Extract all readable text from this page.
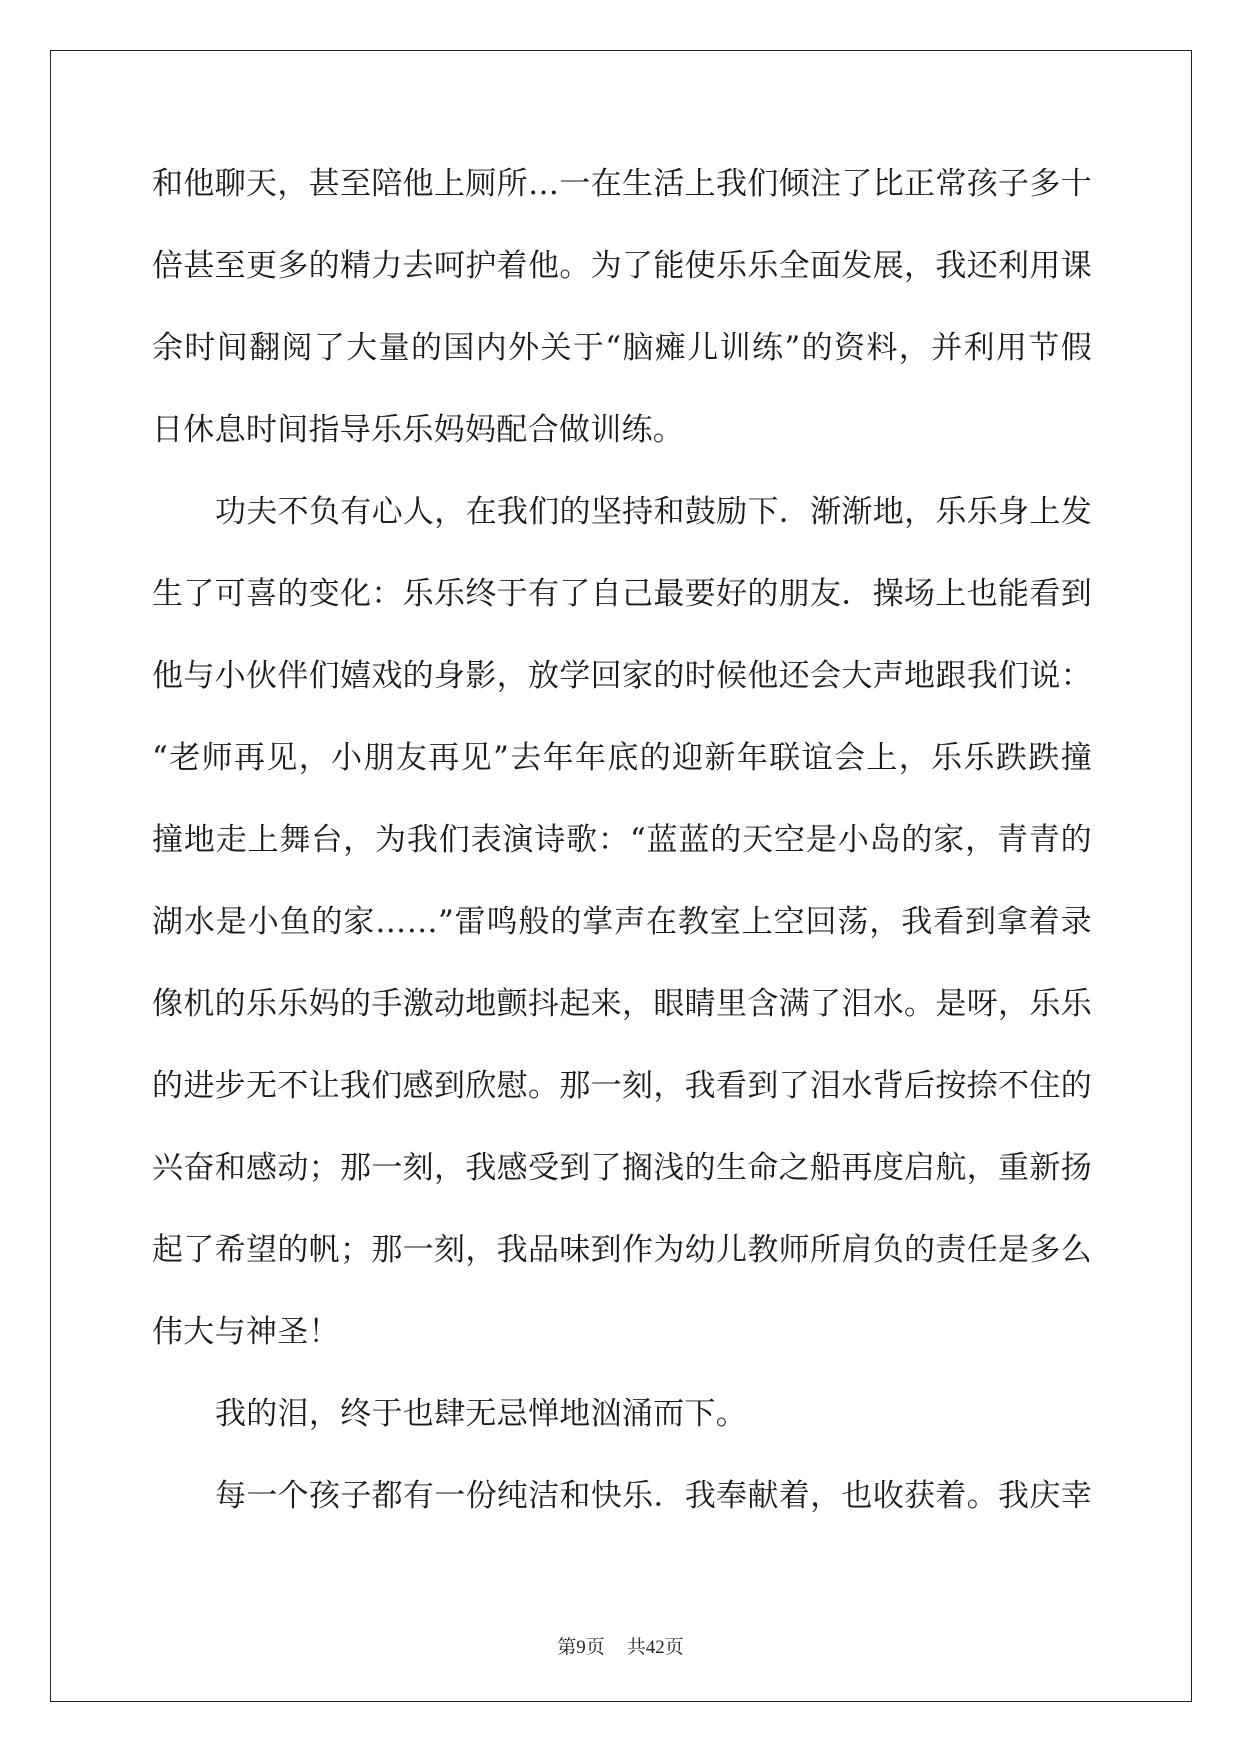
和他聊天，甚至陪他上厕所…一在生活上我们倾注了比正常孩子多十
倍甚至更多的精力去呵护着他。为了能使乐乐全面发展，我还利用课
余时间翻阅了大量的国内外关于“脑瘫儿训练”的资料，并利用节假
日休息时间指导乐乐妈妈配合做训练。
功夫不负有心人，在我们的坚持和鼓励下．渐渐地，乐乐身上发
生了可喜的变化：乐乐终于有了自己最要好的朋友．操场上也能看到
他与小伙伴们嬉戏的身影，放学回家的时候他还会大声地跟我们说：
“老师再见，小朋友再见”去年年底的迎新年联谊会上，乐乐跌跌撞
撞地走上舞台，为我们表演诗歌：“蓝蓝的天空是小岛的家，青青的
湖水是小鱼的家……”雷鸣般的掌声在教室上空回荡，我看到拿着录
像机的乐乐妈的手激动地颤抖起来，眼睛里含满了泪水。是呀，乐乐
的进步无不让我们感到欣慰。那一刻，我看到了泪水背后按捺不住的
兴奋和感动；那一刻，我感受到了搁浅的生命之船再度启航，重新扬
起了希望的帆；那一刻，我品味到作为幼儿教师所肩负的责任是多么
伟大与神圣！
我的泪，终于也肆无忌惮地汹涌而下。
每一个孩子都有一份纯洁和快乐．我奉献着，也收获着。我庆幸
第9页 共42页
